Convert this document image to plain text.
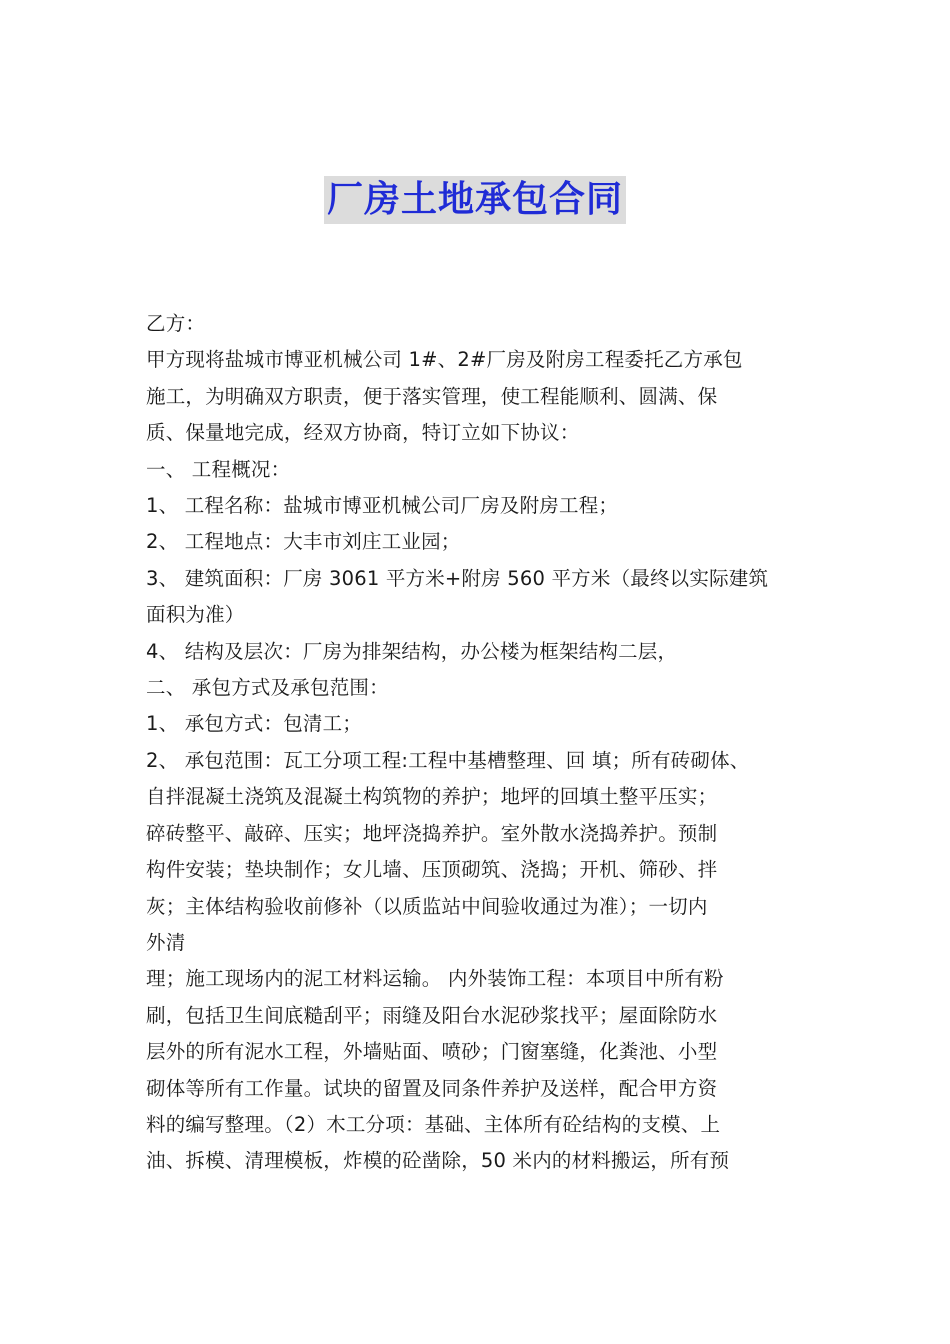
厂房土地承包合同

乙方：

甲方现将盐城市博亚机械公司 1#、2#厂房及附房工程委托乙方承包

施工，为明确双方职责，便于落实管理，使工程能顺利、圆满、保

质、保量地完成，经双方协商，特订立如下协议：

一、 工程概况：

1、 工程名称：盐城市博亚机械公司厂房及附房工程；

2、 工程地点：大丰市刘庄工业园；

3、 建筑面积：厂房 3061 平方米+附房 560 平方米（最终以实际建筑

面积为准）

4、 结构及层次：厂房为排架结构，办公楼为框架结构二层，

二、 承包方式及承包范围：

1、 承包方式：包清工；

2、 承包范围：瓦工分项工程:工程中基槽整理、回 填；所有砖砌体、

自拌混凝土浇筑及混凝土构筑物的养护；地坪的回填土整平压实；

碎砖整平、敲碎、压实；地坪浇捣养护。室外散水浇捣养护。预制

构件安装；垫块制作；女儿墙、压顶砌筑、浇捣；开机、筛砂、拌

灰；主体结构验收前修补（以质监站中间验收通过为准）；一切内

外清

理；施工现场内的泥工材料运输。 内外装饰工程：本项目中所有粉

刷，包括卫生间底糙刮平；雨缝及阳台水泥砂浆找平；屋面除防水

层外的所有泥水工程，外墙贴面、喷砂；门窗塞缝，化粪池、小型

砌体等所有工作量。试块的留置及同条件养护及送样，配合甲方资

料的编写整理。（2）木工分项：基础、主体所有砼结构的支模、上

油、拆模、清理模板，炸模的砼凿除，50 米内的材料搬运，所有预
